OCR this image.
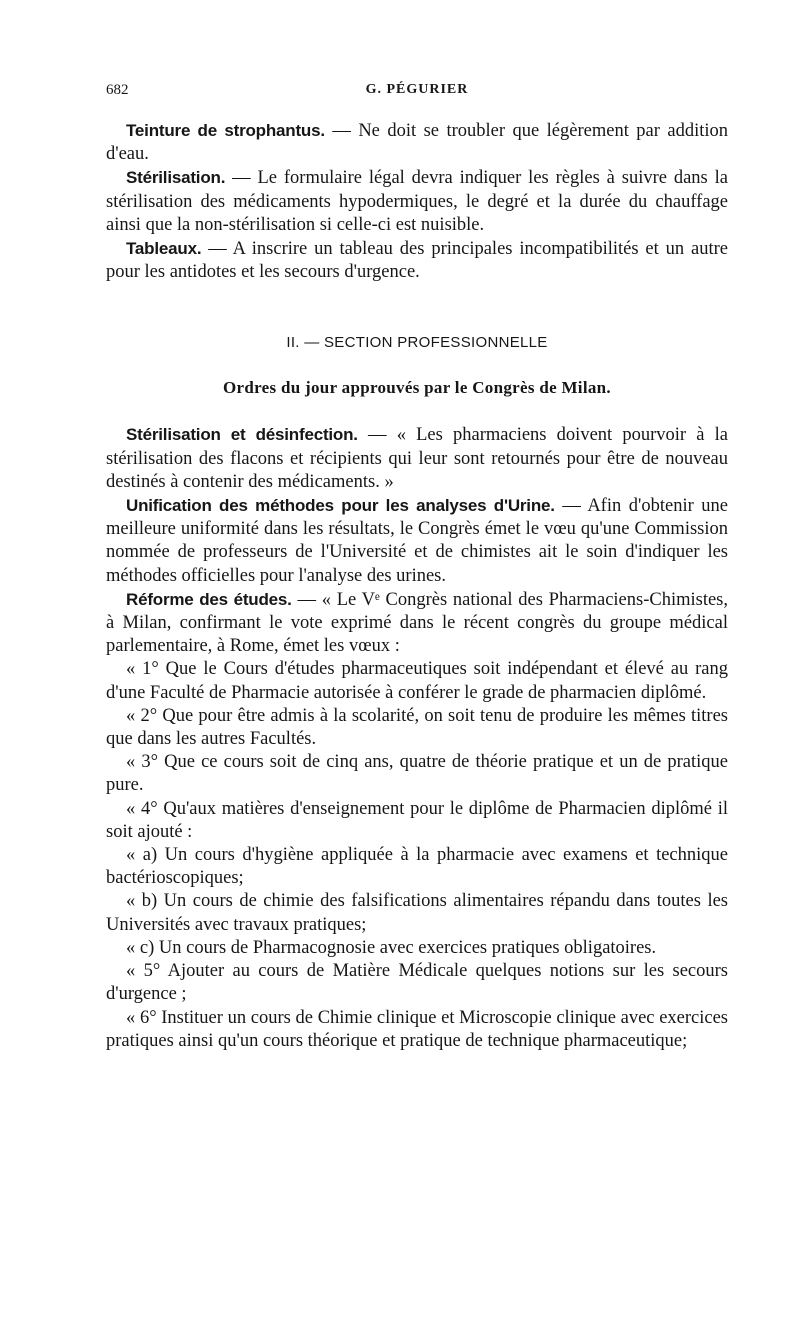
682	G. PÉGURIER

Teinture de strophantus. — Ne doit se troubler que légèrement par addition d'eau.

Stérilisation. — Le formulaire légal devra indiquer les règles à suivre dans la stérilisation des médicaments hypodermiques, le degré et la durée du chauffage ainsi que la non-stérilisation si celle-ci est nuisible.

Tableaux. — A inscrire un tableau des principales incompatibilités et un autre pour les antidotes et les secours d'urgence.

II. — SECTION PROFESSIONNELLE
Ordres du jour approuvés par le Congrès de Milan.

Stérilisation et désinfection. — « Les pharmaciens doivent pourvoir à la stérilisation des flacons et récipients qui leur sont retournés pour être de nouveau destinés à contenir des médicaments. »

Unification des méthodes pour les analyses d'Urine. — Afin d'obtenir une meilleure uniformité dans les résultats, le Congrès émet le vœu qu'une Commission nommée de professeurs de l'Université et de chimistes ait le soin d'indiquer les méthodes officielles pour l'analyse des urines.

Réforme des études. — « Le Vᵉ Congrès national des Pharmaciens-Chimistes, à Milan, confirmant le vote exprimé dans le récent congrès du groupe médical parlementaire, à Rome, émet les vœux :

« 1° Que le Cours d'études pharmaceutiques soit indépendant et élevé au rang d'une Faculté de Pharmacie autorisée à conférer le grade de pharmacien diplômé.

« 2° Que pour être admis à la scolarité, on soit tenu de produire les mêmes titres que dans les autres Facultés.

« 3° Que ce cours soit de cinq ans, quatre de théorie pratique et un de pratique pure.

« 4° Qu'aux matières d'enseignement pour le diplôme de Pharmacien diplômé il soit ajouté :

« a) Un cours d'hygiène appliquée à la pharmacie avec examens et technique bactérioscopiques;

« b) Un cours de chimie des falsifications alimentaires répandu dans toutes les Universités avec travaux pratiques;

« c) Un cours de Pharmacognosie avec exercices pratiques obligatoires.

« 5° Ajouter au cours de Matière Médicale quelques notions sur les secours d'urgence ;

« 6° Instituer un cours de Chimie clinique et Microscopie clinique avec exercices pratiques ainsi qu'un cours théorique et pratique de technique pharmaceutique;
